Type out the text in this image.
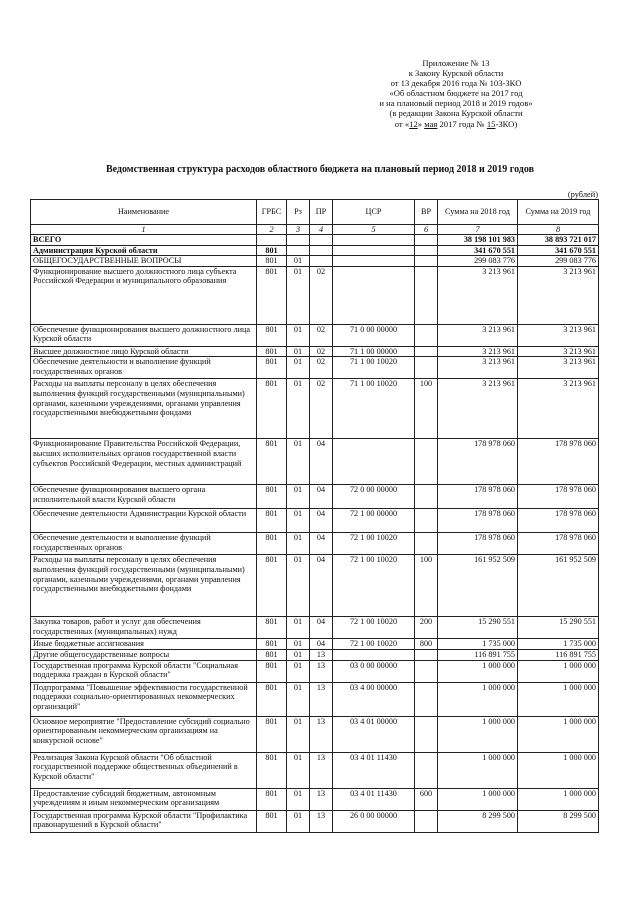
Приложение № 13
к Закону Курской области
от 13 декабря 2016 года № 103-ЗКО
«Об областном бюджете на 2017 год
и на плановый период 2018 и 2019 годов»
(в редакции Закона Курской области
от «12» мая 2017 года № 15-ЗКО)
Ведомственная структура расходов областного бюджета на плановый период 2018 и 2019 годов
(рублей)
Наименование	ГРБС	Рз	ПР	ЦСР	ВР	Сумма на 2018 год	Сумма на 2019 год
1	2	3	4	5	6	7	8
ВСЕГО						38 198 101 983	38 893 721 017
Администрация Курской области	801					341 670 551	341 670 551
ОБЩЕГОСУДАРСТВЕННЫЕ ВОПРОСЫ	801	01				299 083 776	299 083 776
Функционирование высшего должностного лица субъекта Российской Федерации и муниципального образования	801	01	02			3 213 961	3 213 961
Обеспечение функционирования высшего должностного лица Курской области	801	01	02	71 0 00 00000		3 213 961	3 213 961
Высшее должностное лицо Курской области	801	01	02	71 1 00 00000		3 213 961	3 213 961
Обеспечение деятельности и выполнение функций государственных органов	801	01	02	71 1 00 10020		3 213 961	3 213 961
Расходы на выплаты персоналу в целях обеспечения выполнения функций государственными (муниципальными) органами, казенными учреждениями, органами управления государственными внебюджетными фондами	801	01	02	71 1 00 10020	100	3 213 961	3 213 961
Функционирование Правительства Российской Федерации, высших исполнительных органов государственной власти субъектов Российской Федерации, местных администраций	801	01	04			178 978 060	178 978 060
Обеспечение функционирования высшего органа исполнительной власти Курской области	801	01	04	72 0 00 00000		178 978 060	178 978 060
Обеспечение деятельности Администрации Курской области	801	01	04	72 1 00 00000		178 978 060	178 978 060
Обеспечение деятельности и выполнение функций государственных органов	801	01	04	72 1 00 10020		178 978 060	178 978 060
Расходы на выплаты персоналу в целях обеспечения выполнения функций государственными (муниципальными) органами, казенными учреждениями, органами управления государственными внебюджетными фондами	801	01	04	72 1 00 10020	100	161 952 509	161 952 509
Закупка товаров, работ и услуг для обеспечения государственных (муниципальных) нужд	801	01	04	72 1 00 10020	200	15 290 551	15 290 551
Иные бюджетные ассигнования	801	01	04	72 1 00 10020	800	1 735 000	1 735 000
Другие общегосударственные вопросы	801	01	13			116 891 755	116 891 755
Государственная программа Курской области "Социальная поддержка граждан в Курской области"	801	01	13	03 0 00 00000		1 000 000	1 000 000
Подпрограмма "Повышение эффективности государственной поддержки социально-ориентированных некоммерческих организаций"	801	01	13	03 4 00 00000		1 000 000	1 000 000
Основное мероприятие "Предоставление субсидий социально ориентированным некоммерческим организациям на конкурсной основе"	801	01	13	03 4 01 00000		1 000 000	1 000 000
Реализация Закона Курской области "Об областной государственной поддержке общественных объединений в Курской области"	801	01	13	03 4 01 11430		1 000 000	1 000 000
Предоставление субсидий бюджетным, автономным учреждениям и иным некоммерческим организациям	801	01	13	03 4 01 11430	600	1 000 000	1 000 000
Государственная программа Курской области "Профилактика правонарушений в Курской области"	801	01	13	26 0 00 00000		8 299 500	8 299 500
